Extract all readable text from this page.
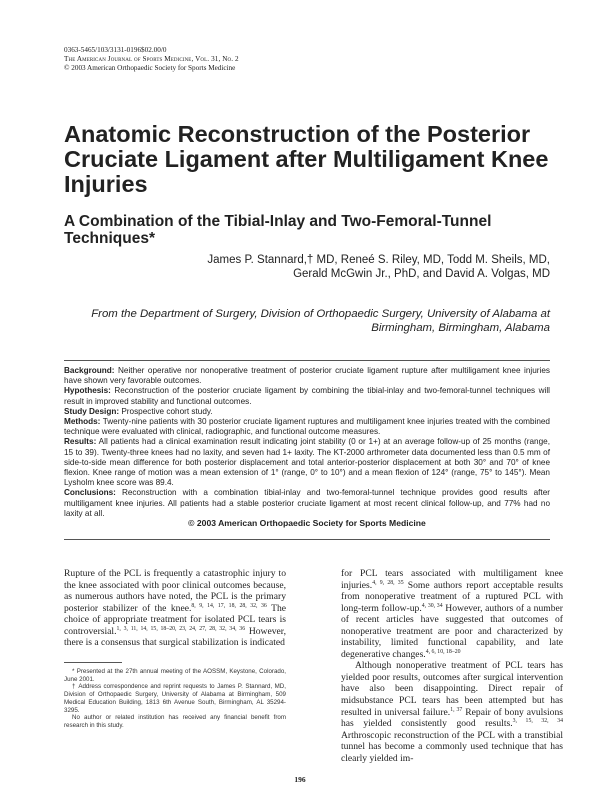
0363-5465/103/3131-0196$02.00/0
The American Journal of Sports Medicine, Vol. 31, No. 2
© 2003 American Orthopaedic Society for Sports Medicine
Anatomic Reconstruction of the Posterior Cruciate Ligament after Multiligament Knee Injuries
A Combination of the Tibial-Inlay and Two-Femoral-Tunnel Techniques*
James P. Stannard,† MD, Reneé S. Riley, MD, Todd M. Sheils, MD,
Gerald McGwin Jr., PhD, and David A. Volgas, MD
From the Department of Surgery, Division of Orthopaedic Surgery, University of Alabama at
Birmingham, Birmingham, Alabama

Background: Neither operative nor nonoperative treatment of posterior cruciate ligament rupture after multiligament knee injuries have shown very favorable outcomes.

Hypothesis: Reconstruction of the posterior cruciate ligament by combining the tibial-inlay and two-femoral-tunnel techniques will result in improved stability and functional outcomes.

Study Design: Prospective cohort study.

Methods: Twenty-nine patients with 30 posterior cruciate ligament ruptures and multiligament knee injuries treated with the combined technique were evaluated with clinical, radiographic, and functional outcome measures.

Results: All patients had a clinical examination result indicating joint stability (0 or 1+) at an average follow-up of 25 months (range, 15 to 39). Twenty-three knees had no laxity, and seven had 1+ laxity. The KT-2000 arthrometer data documented less than 0.5 mm of side-to-side mean difference for both posterior displacement and total anterior-posterior displacement at both 30° and 70° of knee flexion. Knee range of motion was a mean extension of 1° (range, 0° to 10°) and a mean flexion of 124° (range, 75° to 145°). Mean Lysholm knee score was 89.4.

Conclusions: Reconstruction with a combination tibial-inlay and two-femoral-tunnel technique provides good results after multiligament knee injuries. All patients had a stable posterior cruciate ligament at most recent clinical follow-up, and 77% had no laxity at all.

© 2003 American Orthopaedic Society for Sports Medicine

Rupture of the PCL is frequently a catastrophic injury to the knee associated with poor clinical outcomes because, as numerous authors have noted, the PCL is the primary posterior stabilizer of the knee.$^{8, 9, 14, 17, 18, 28, 32, 36}$ The choice of appropriate treatment for isolated PCL tears is controversial.$^{1, 3, 11, 14, 15, 18-20, 23, 24, 27, 28, 32, 34, 36}$ However, there is a consensus that surgical stabilization is indicated

* Presented at the 27th annual meeting of the AOSSM, Keystone, Colorado, June 2001.

† Address correspondence and reprint requests to James P. Stannard, MD, Division of Orthopaedic Surgery, University of Alabama at Birmingham, 509 Medical Education Building, 1813 6th Avenue South, Birmingham, AL 35294-3295.

No author or related institution has received any financial benefit from research in this study.

for PCL tears associated with multiligament knee injuries.$^{4, 9, 28, 35}$ Some authors report acceptable results from nonoperative treatment of a ruptured PCL with long-term follow-up.$^{4, 30, 34}$ However, authors of a number of recent articles have suggested that outcomes of nonoperative treatment are poor and characterized by instability, limited functional capability, and late degenerative changes.$^{4, 6, 10, 18-20}$

Although nonoperative treatment of PCL tears has yielded poor results, outcomes after surgical intervention have also been disappointing. Direct repair of midsubstance PCL tears has been attempted but has resulted in universal failure.$^{1, 37}$ Repair of bony avulsions has yielded consistently good results.$^{3, 15, 32, 34}$ Arthroscopic reconstruction of the PCL with a transtibial tunnel has become a commonly used technique that has clearly yielded im-

196
